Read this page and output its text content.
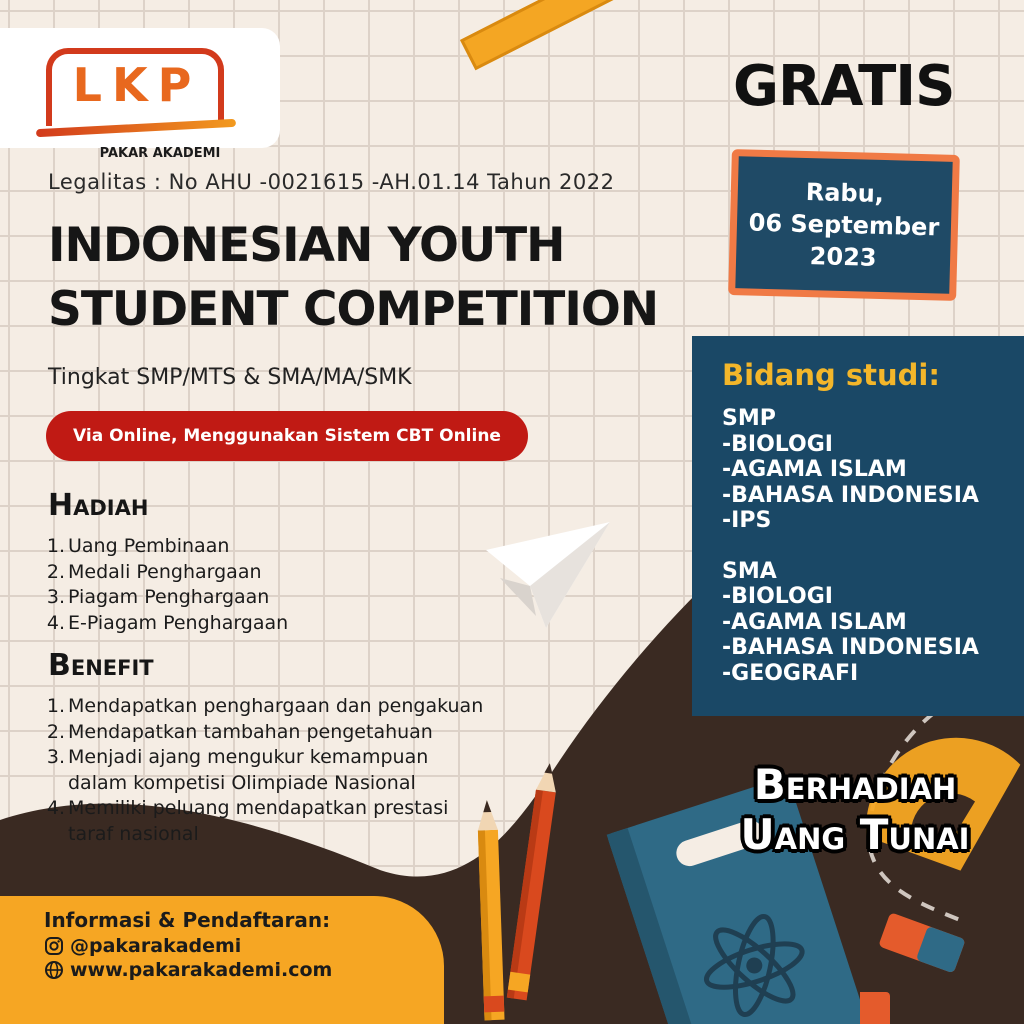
LKP
PAKAR AKADEMI
Legalitas : No AHU -0021615 -AH.01.14 Tahun 2022
INDONESIAN YOUTH
STUDENT COMPETITION
Tingkat SMP/MTS & SMA/MA/SMK
Via Online, Menggunakan Sistem CBT Online
Hadiah
1. Uang Pembinaan
2. Medali Penghargaan
3. Piagam Penghargaan
4. E-Piagam Penghargaan
Benefit
1. Mendapatkan penghargaan dan pengakuan
2. Mendapatkan tambahan pengetahuan
3. Menjadi ajang mengukur kemampuan
dalam kompetisi Olimpiade Nasional
4. Memiliki peluang mendapatkan prestasi
taraf nasional
GRATIS
Rabu,
06 September
2023
Bidang studi:
SMP
-BIOLOGI
-AGAMA ISLAM
-BAHASA INDONESIA
-IPS
SMA
-BIOLOGI
-AGAMA ISLAM
-BAHASA INDONESIA
-GEOGRAFI
Berhadiah
Uang Tunai
Informasi & Pendaftaran:
@pakarakademi
www.pakarakademi.com
